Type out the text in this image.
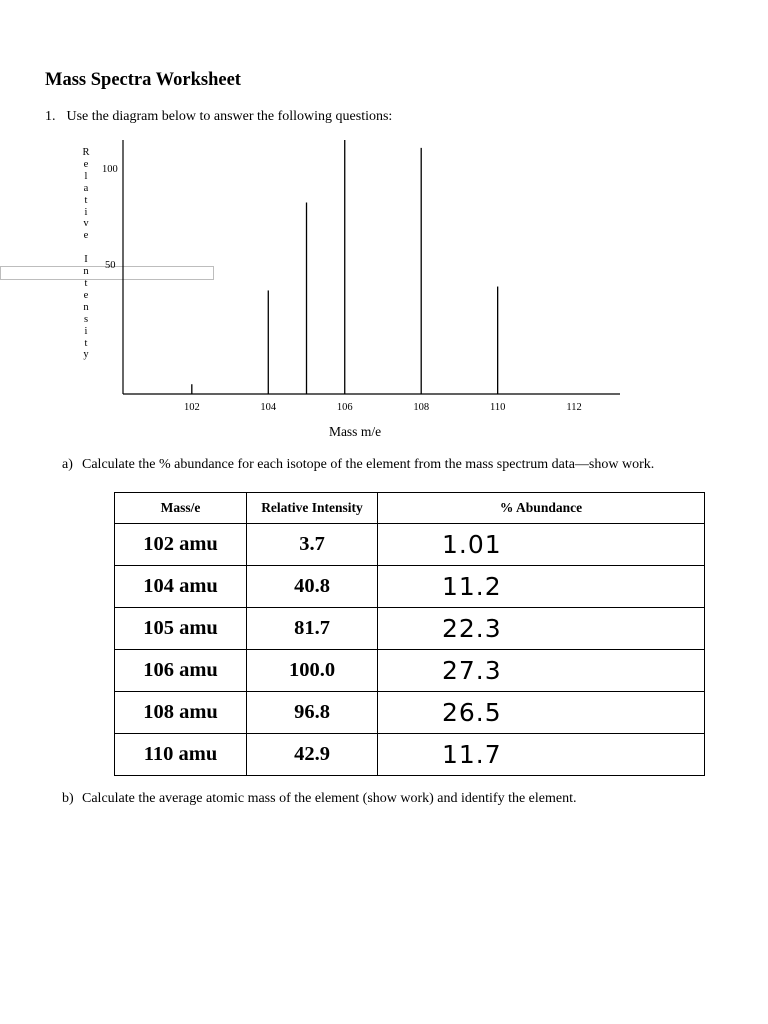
Mass Spectra Worksheet
1. Use the diagram below to answer the following questions:
R
e
l
a
t
i
v
e

I
n
t
e
n
s
i
t
y
100
50
102	104	106	108	110	112
Mass m/e
a) Calculate the % abundance for each isotope of the element from the mass spectrum data—show work.
Mass/e	Relative Intensity	% Abundance
102 amu	3.7	1.01
104 amu	40.8	11.2
105 amu	81.7	22.3
106 amu	100.0	27.3
108 amu	96.8	26.5
110 amu	42.9	11.7
b) Calculate the average atomic mass of the element (show work) and identify the element.
